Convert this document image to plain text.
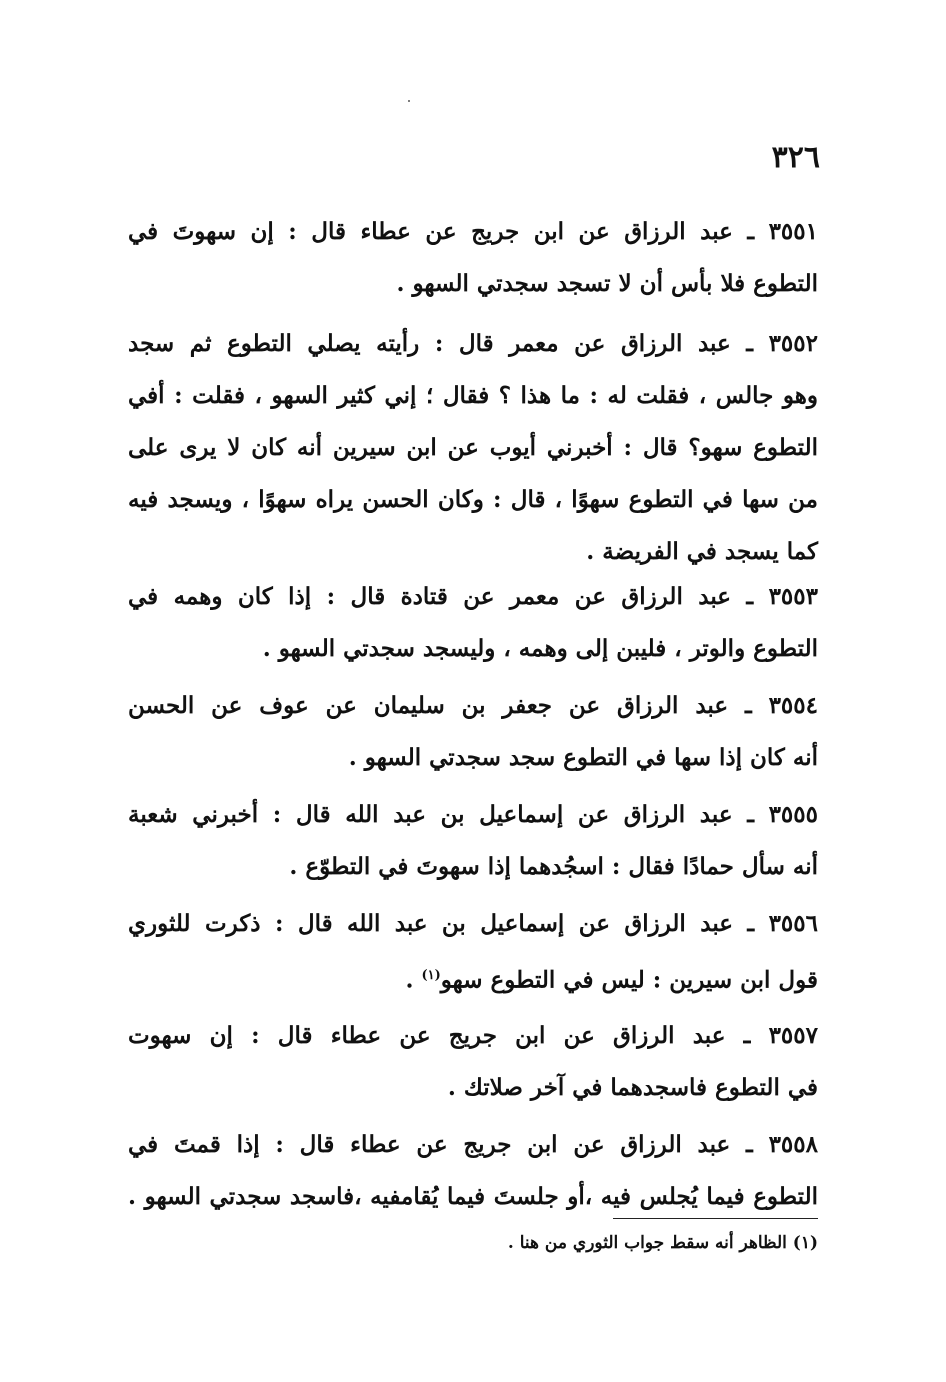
٣٢٦
٣٥٥١ ـ عبد الرزاق عن ابن جريج عن عطاء قال : إن سهوتَ في
التطوع فلا بأس أن لا تسجد سجدتي السهو .
٣٥٥٢ ـ عبد الرزاق عن معمر قال : رأيته يصلي التطوع ثم سجد
وهو جالس ، فقلت له : ما هذا ؟ فقال ؛ إني كثير السهو ، فقلت : أفي
التطوع سهو؟ قال : أخبرني أيوب عن ابن سيرين أنه كان لا يرى على
من سها في التطوع سهوًا ، قال : وكان الحسن يراه سهوًا ، ويسجد فيه
كما يسجد في الفريضة .
٣٥٥٣ ـ عبد الرزاق عن معمر عن قتادة قال : إذا كان وهمه في
التطوع والوتر ، فليبن إلى وهمه ، وليسجد سجدتي السهو .
٣٥٥٤ ـ عبد الرزاق عن جعفر بن سليمان عن عوف عن الحسن
أنه كان إذا سها في التطوع سجد سجدتي السهو .
٣٥٥٥ ـ عبد الرزاق عن إسماعيل بن عبد الله قال : أخبرني شعبة
أنه سأل حمادًا فقال : اسجُدهما إذا سهوتَ في التطوّع .
٣٥٥٦ ـ عبد الرزاق عن إسماعيل بن عبد الله قال : ذكرت للثوري
قول ابن سيرين : ليس في التطوع سهو$^{(١)}$ .
٣٥٥٧ ـ عبد الرزاق عن ابن جريج عن عطاء قال : إن سهوت
في التطوع فاسجدهما في آخر صلاتك .
٣٥٥٨ ـ عبد الرزاق عن ابن جريج عن عطاء قال : إذا قمتَ في
التطوع فيما يُجلس فيه ،أو جلستَ فيما يُقامفيه ،فاسجد سجدتي السهو .
(١) الظاهر أنه سقط جواب الثوري من هنا .
